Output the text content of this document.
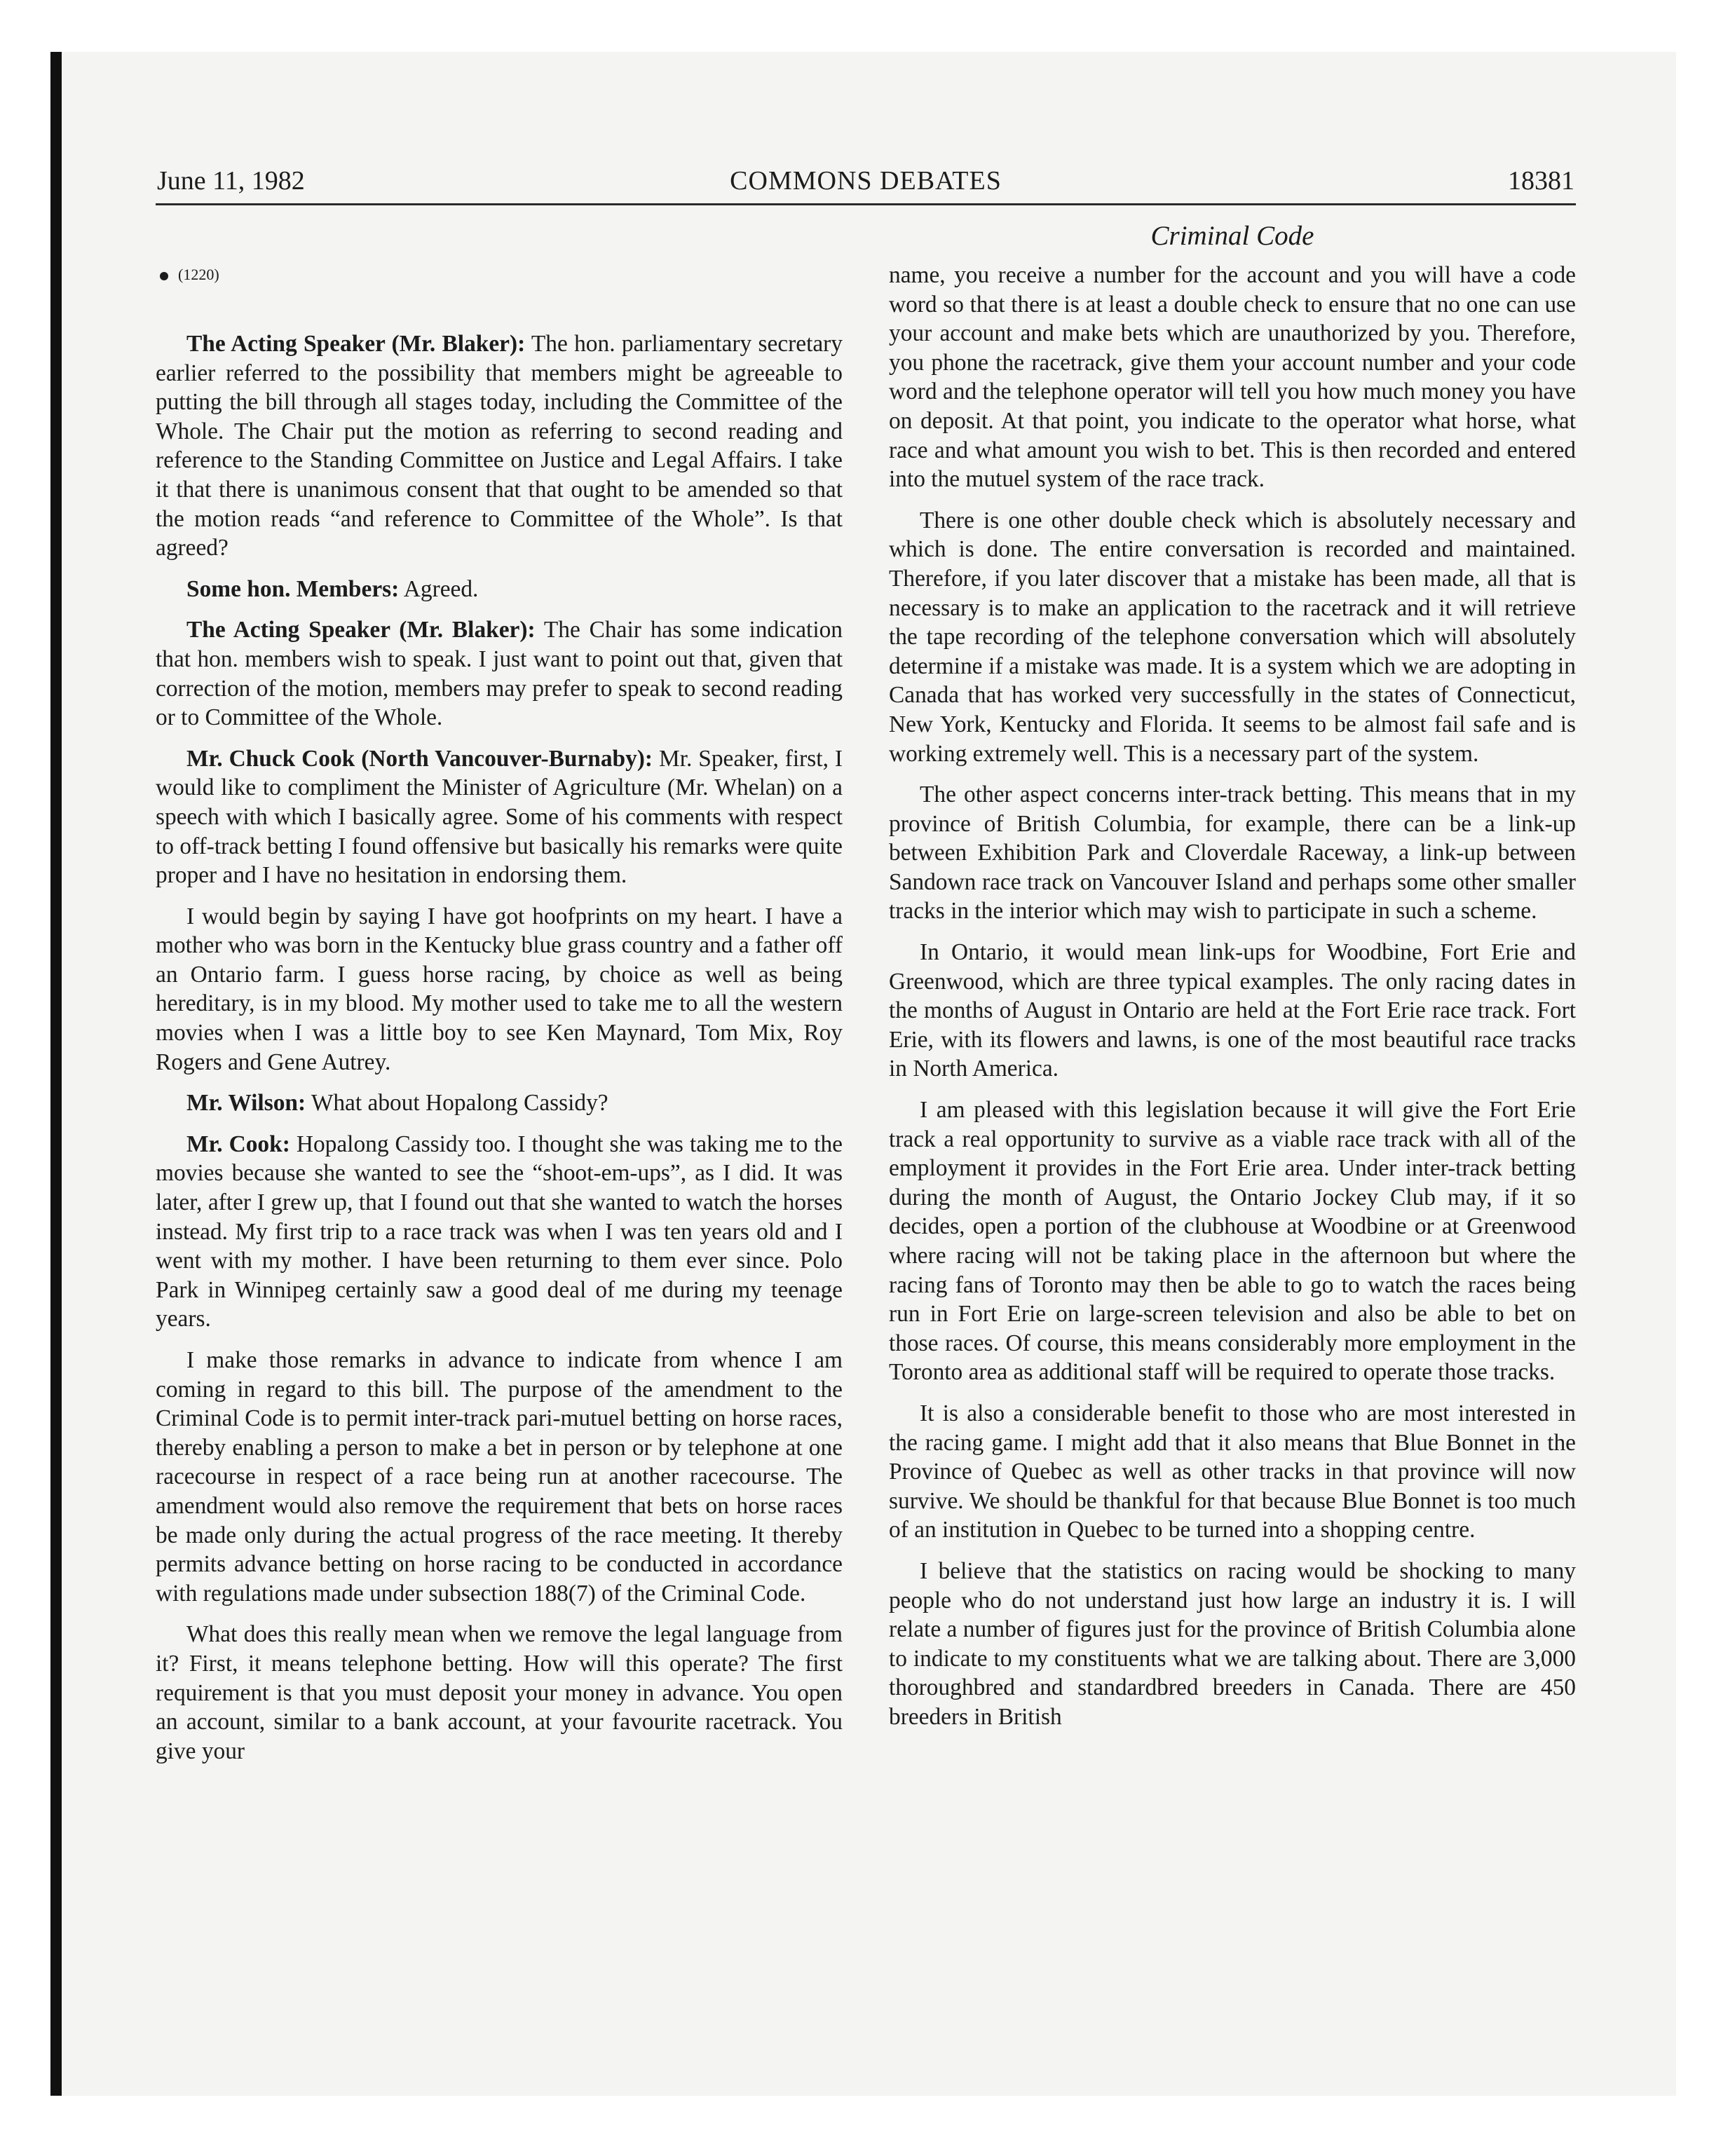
June 11, 1982	COMMONS DEBATES	18381
Criminal Code
(1220)

The Acting Speaker (Mr. Blaker): The hon. parliamentary secretary earlier referred to the possibility that members might be agreeable to putting the bill through all stages today, including the Committee of the Whole. The Chair put the motion as referring to second reading and reference to the Standing Committee on Justice and Legal Affairs. I take it that there is unanimous consent that that ought to be amended so that the motion reads “and reference to Committee of the Whole”. Is that agreed?

Some hon. Members: Agreed.

The Acting Speaker (Mr. Blaker): The Chair has some indication that hon. members wish to speak. I just want to point out that, given that correction of the motion, members may prefer to speak to second reading or to Committee of the Whole.

Mr. Chuck Cook (North Vancouver-Burnaby): Mr. Speaker, first, I would like to compliment the Minister of Agriculture (Mr. Whelan) on a speech with which I basically agree. Some of his comments with respect to off-track betting I found offensive but basically his remarks were quite proper and I have no hesitation in endorsing them.

I would begin by saying I have got hoofprints on my heart. I have a mother who was born in the Kentucky blue grass country and a father off an Ontario farm. I guess horse racing, by choice as well as being hereditary, is in my blood. My mother used to take me to all the western movies when I was a little boy to see Ken Maynard, Tom Mix, Roy Rogers and Gene Autrey.

Mr. Wilson: What about Hopalong Cassidy?

Mr. Cook: Hopalong Cassidy too. I thought she was taking me to the movies because she wanted to see the “shoot-em-ups”, as I did. It was later, after I grew up, that I found out that she wanted to watch the horses instead. My first trip to a race track was when I was ten years old and I went with my mother. I have been returning to them ever since. Polo Park in Winnipeg certainly saw a good deal of me during my teenage years.

I make those remarks in advance to indicate from whence I am coming in regard to this bill. The purpose of the amendment to the Criminal Code is to permit inter-track pari-mutuel betting on horse races, thereby enabling a person to make a bet in person or by telephone at one racecourse in respect of a race being run at another racecourse. The amendment would also remove the requirement that bets on horse races be made only during the actual progress of the race meeting. It thereby permits advance betting on horse racing to be conducted in accordance with regulations made under subsection 188(7) of the Criminal Code.

What does this really mean when we remove the legal language from it? First, it means telephone betting. How will this operate? The first requirement is that you must deposit your money in advance. You open an account, similar to a bank account, at your favourite racetrack. You give your

name, you receive a number for the account and you will have a code word so that there is at least a double check to ensure that no one can use your account and make bets which are unauthorized by you. Therefore, you phone the racetrack, give them your account number and your code word and the telephone operator will tell you how much money you have on deposit. At that point, you indicate to the operator what horse, what race and what amount you wish to bet. This is then recorded and entered into the mutuel system of the race track.

There is one other double check which is absolutely necessary and which is done. The entire conversation is recorded and maintained. Therefore, if you later discover that a mistake has been made, all that is necessary is to make an application to the racetrack and it will retrieve the tape recording of the telephone conversation which will absolutely determine if a mistake was made. It is a system which we are adopting in Canada that has worked very successfully in the states of Connecticut, New York, Kentucky and Florida. It seems to be almost fail safe and is working extremely well. This is a necessary part of the system.

The other aspect concerns inter-track betting. This means that in my province of British Columbia, for example, there can be a link-up between Exhibition Park and Cloverdale Raceway, a link-up between Sandown race track on Vancouver Island and perhaps some other smaller tracks in the interior which may wish to participate in such a scheme.

In Ontario, it would mean link-ups for Woodbine, Fort Erie and Greenwood, which are three typical examples. The only racing dates in the months of August in Ontario are held at the Fort Erie race track. Fort Erie, with its flowers and lawns, is one of the most beautiful race tracks in North America.

I am pleased with this legislation because it will give the Fort Erie track a real opportunity to survive as a viable race track with all of the employment it provides in the Fort Erie area. Under inter-track betting during the month of August, the Ontario Jockey Club may, if it so decides, open a portion of the clubhouse at Woodbine or at Greenwood where racing will not be taking place in the afternoon but where the racing fans of Toronto may then be able to go to watch the races being run in Fort Erie on large-screen television and also be able to bet on those races. Of course, this means considerably more employment in the Toronto area as additional staff will be required to operate those tracks.

It is also a considerable benefit to those who are most interested in the racing game. I might add that it also means that Blue Bonnet in the Province of Quebec as well as other tracks in that province will now survive. We should be thankful for that because Blue Bonnet is too much of an institution in Quebec to be turned into a shopping centre.

I believe that the statistics on racing would be shocking to many people who do not understand just how large an industry it is. I will relate a number of figures just for the province of British Columbia alone to indicate to my constituents what we are talking about. There are 3,000 thoroughbred and standardbred breeders in Canada. There are 450 breeders in British
